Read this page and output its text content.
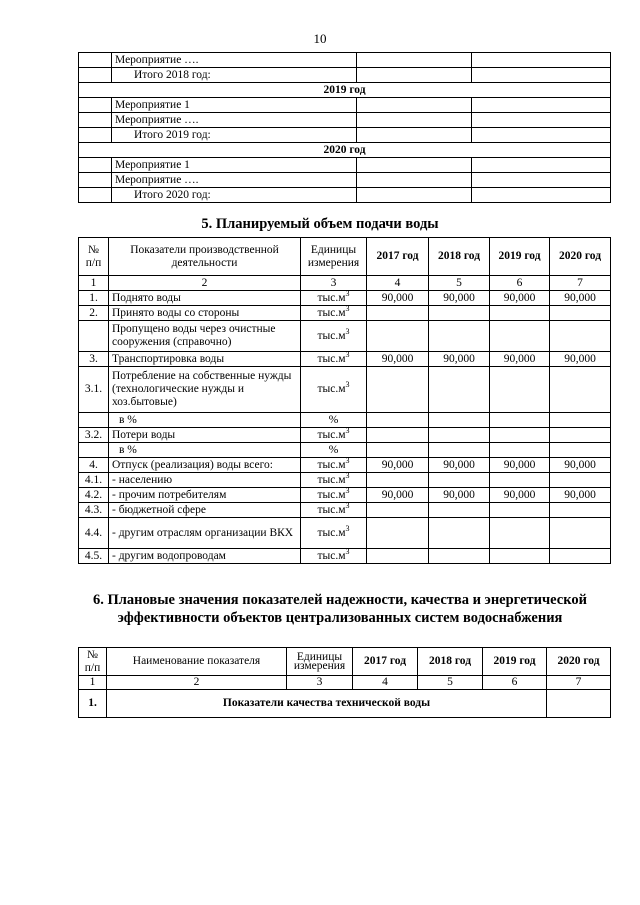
10
	Мероприятие ….		
	Итого 2018 год:		
2019 год			
	Мероприятие 1		
	Мероприятие ….		
	Итого 2019 год:		
2020 год			
	Мероприятие 1		
	Мероприятие ….		
	Итого 2020 год:		
5. Планируемый объем подачи воды
№ п/п	Показатели производственной деятельности	Единицы измерения	2017 год	2018 год	2019 год	2020 год
1	2	3	4	5	6	7
1.	Поднято воды	$тыс.м^3$	90,000	90,000	90,000	90,000
2.	Принято воды со стороны	$тыс.м^3$				
	Пропущено воды через очистные сооружения (справочно)	$тыс.м^3$				
3.	Транспортировка воды	$тыс.м^3$	90,000	90,000	90,000	90,000
3.1.	Потребление на собственные нужды (технологические нужды и хоз.бытовые)	$тыс.м^3$				
	в %	%				
3.2.	Потери воды	$тыс.м^3$				
	в %	%				
4.	Отпуск (реализация) воды всего:	$тыс.м^3$	90,000	90,000	90,000	90,000
4.1.	- населению	$тыс.м^3$				
4.2.	- прочим потребителям	$тыс.м^3$	90,000	90,000	90,000	90,000
4.3.	- бюджетной сфере	$тыс.м^3$				
4.4.	- другим отраслям организации ВКХ	$тыс.м^3$				
4.5.	- другим водопроводам	$тыс.м^3$				
6. Плановые значения показателей надежности, качества и энергетической эффективности объектов централизованных систем водоснабжения
№ п/п	Наименование показателя	Единицы измерения	2017 год	2018 год	2019 год	2020 год
1	2	3	4	5	6	7
1.	Показатели качества технической воды					
